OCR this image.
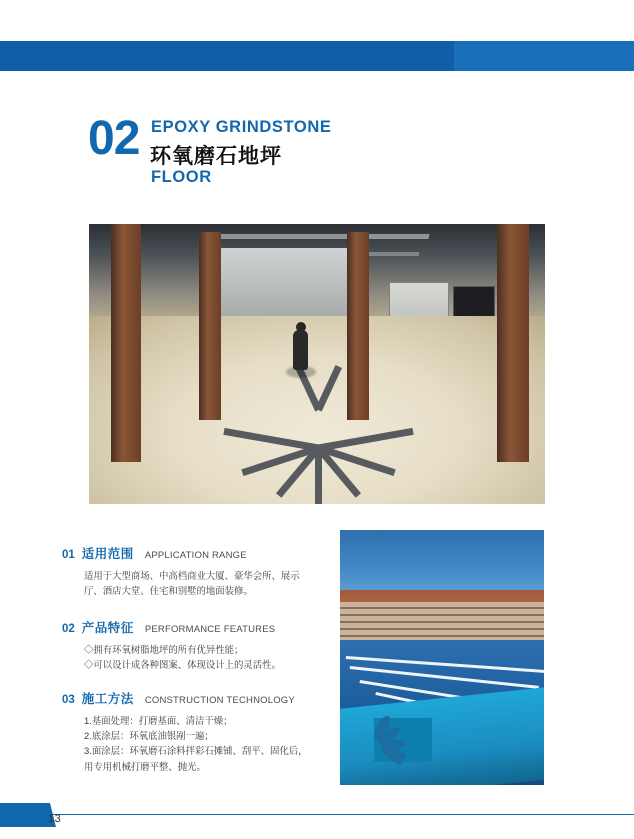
02 EPOXY GRINDSTONE
环氧磨石地坪
FLOOR
01 适用范围 APPLICATION RANGE
适用于大型商场、中高档商业大厦、豪华会所、展示
厅、酒店大堂、住宅和别墅的地面装修。
02 产品特征 PERFORMANCE FEATURES
◇拥有环氧树脂地坪的所有优异性能；
◇可以设计成各种图案、体现设计上的灵活性。
03 施工方法 CONSTRUCTION TECHNOLOGY
1.基面处理：打磨基面、清洁干燥；
2.底涂层：环氧底油银剐一遍；
3.面涂层：环氧磨石涂料拌彩石摊铺、刮平、固化后，
用专用机械打磨平整、抛光。
13
